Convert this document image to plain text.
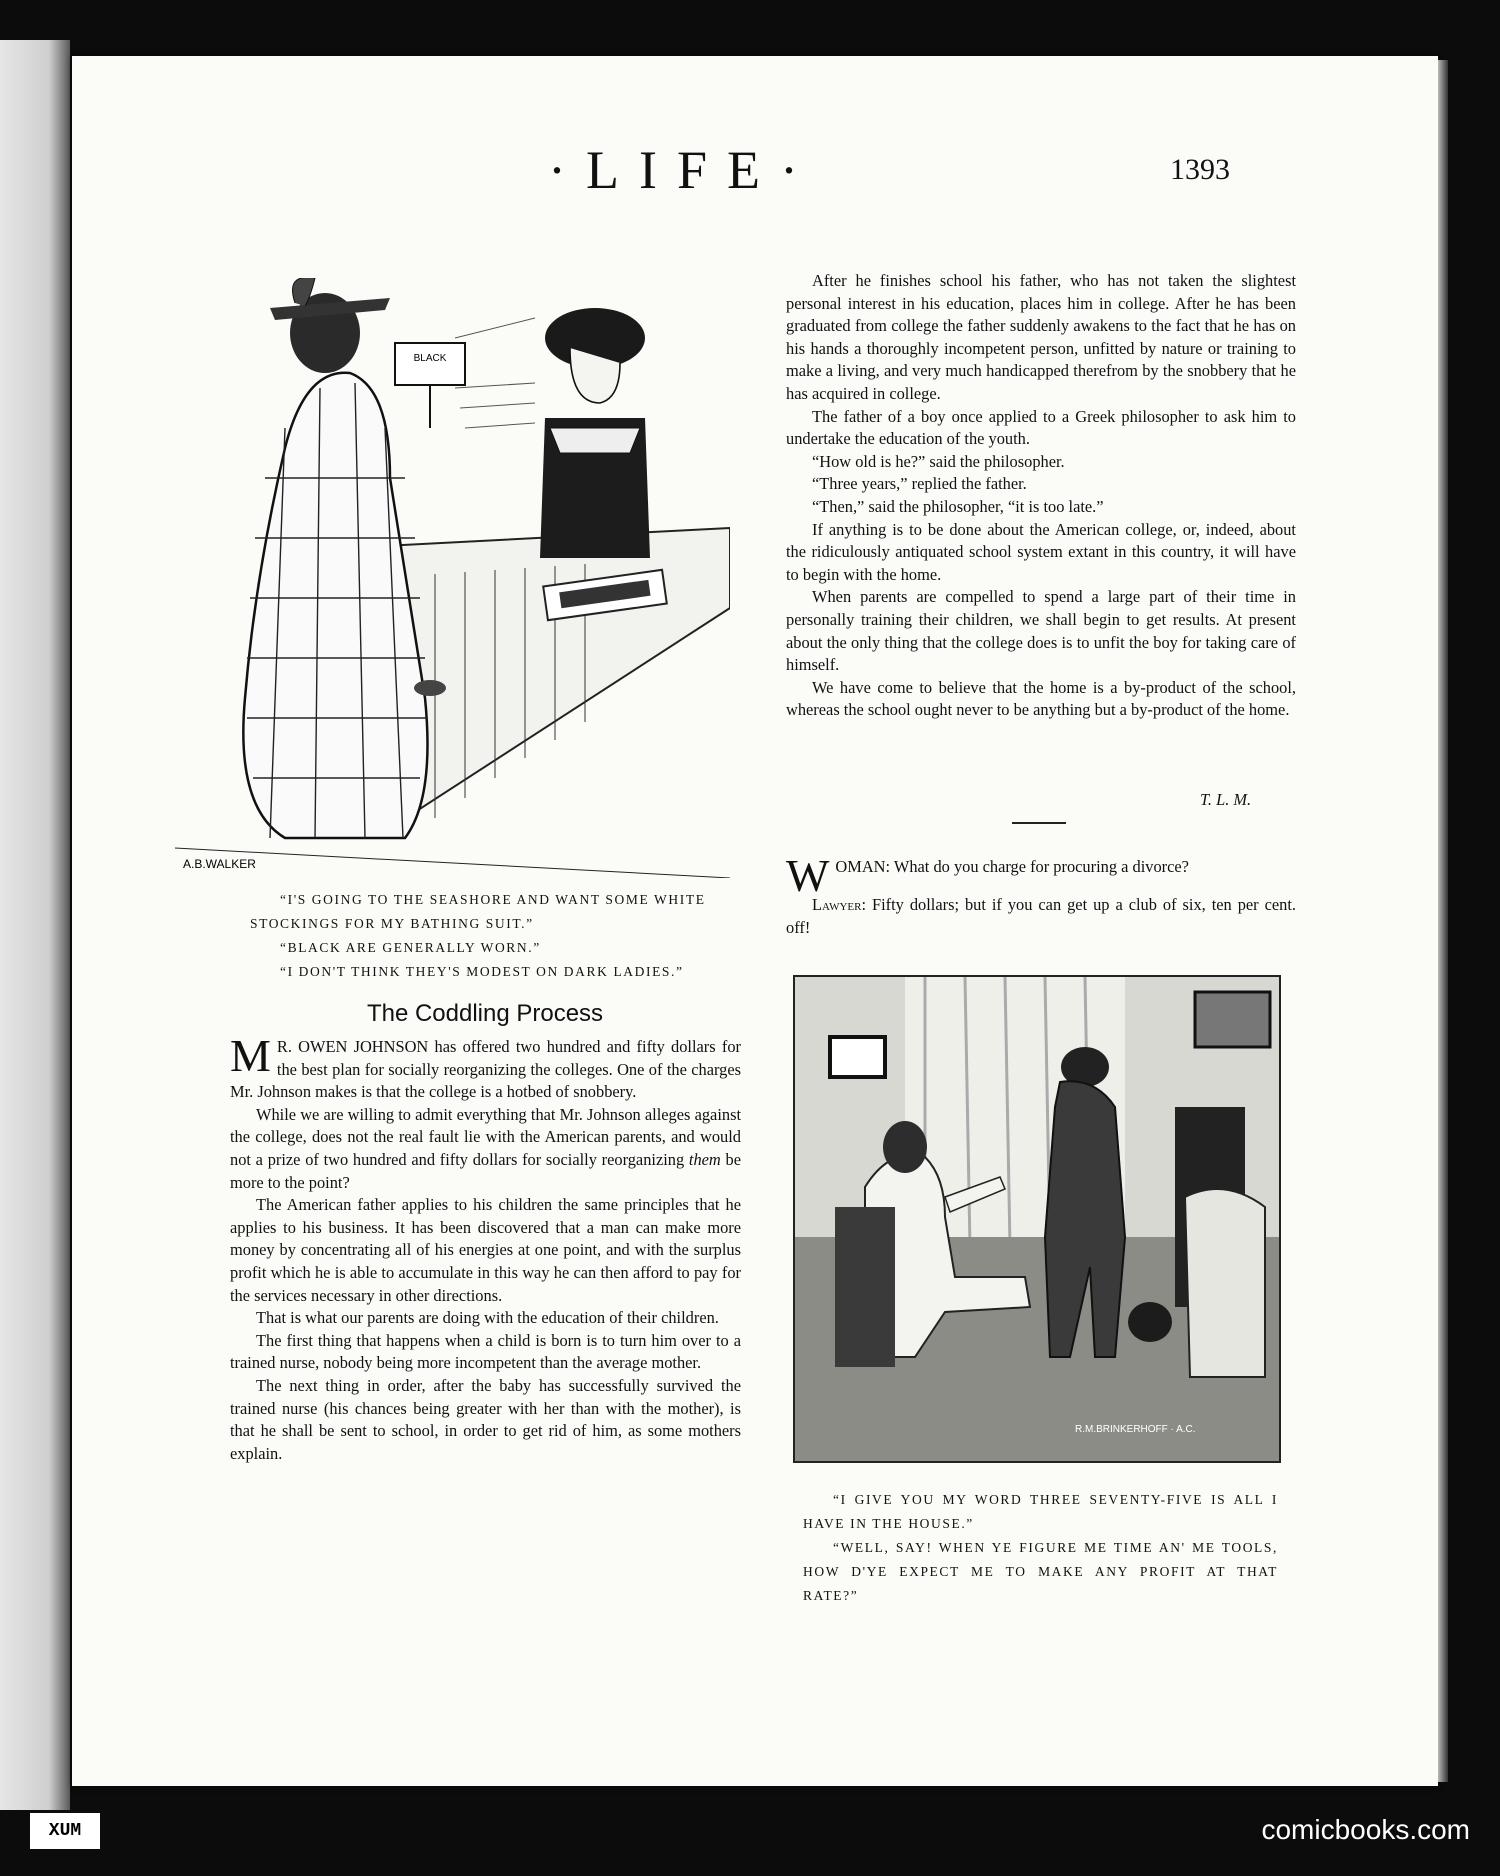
·LIFE·	1393
BLACK
A.B.WALKER

“I'S GOING TO THE SEASHORE AND WANT SOME WHITE STOCKINGS FOR MY BATHING SUIT.”

“BLACK ARE GENERALLY WORN.”

“I DON'T THINK THEY'S MODEST ON DARK LADIES.”

The Coddling Process

M R. OWEN JOHNSON has offered two hundred and fifty dollars for the best plan for socially reorganizing the colleges. One of the charges Mr. Johnson makes is that the college is a hotbed of snobbery.

While we are willing to admit everything that Mr. Johnson alleges against the college, does not the real fault lie with the American parents, and would not a prize of two hundred and fifty dollars for socially reorganizing them be more to the point?

The American father applies to his children the same principles that he applies to his business. It has been discovered that a man can make more money by concentrating all of his energies at one point, and with the surplus profit which he is able to accumulate in this way he can then afford to pay for the services necessary in other directions.

That is what our parents are doing with the education of their children.

The first thing that happens when a child is born is to turn him over to a trained nurse, nobody being more incompetent than the average mother.

The next thing in order, after the baby has successfully survived the trained nurse (his chances being greater with her than with the mother), is that he shall be sent to school, in order to get rid of him, as some mothers explain.

After he finishes school his father, who has not taken the slightest personal interest in his education, places him in college. After he has been graduated from college the father suddenly awakens to the fact that he has on his hands a thoroughly incompetent person, unfitted by nature or training to make a living, and very much handicapped therefrom by the snobbery that he has acquired in college.

The father of a boy once applied to a Greek philosopher to ask him to undertake the education of the youth.

“How old is he?” said the philosopher.

“Three years,” replied the father.

“Then,” said the philosopher, “it is too late.”

If anything is to be done about the American college, or, indeed, about the ridiculously antiquated school system extant in this country, it will have to begin with the home.

When parents are compelled to spend a large part of their time in personally training their children, we shall begin to get results. At present about the only thing that the college does is to unfit the boy for taking care of himself.

We have come to believe that the home is a by-product of the school, whereas the school ought never to be anything but a by-product of the home.

T. L. M.

WOMAN: What do you charge for procuring a divorce?

Lawyer: Fifty dollars; but if you can get up a club of six, ten per cent. off!

R.M.BRINKERHOFF · A.C.

“I GIVE YOU MY WORD THREE SEVENTY-FIVE IS ALL I HAVE IN THE HOUSE.”

“WELL, SAY! WHEN YE FIGURE ME TIME AN' ME TOOLS, HOW D'YE EXPECT ME TO MAKE ANY PROFIT AT THAT RATE?”

XUM	comicbooks.com
